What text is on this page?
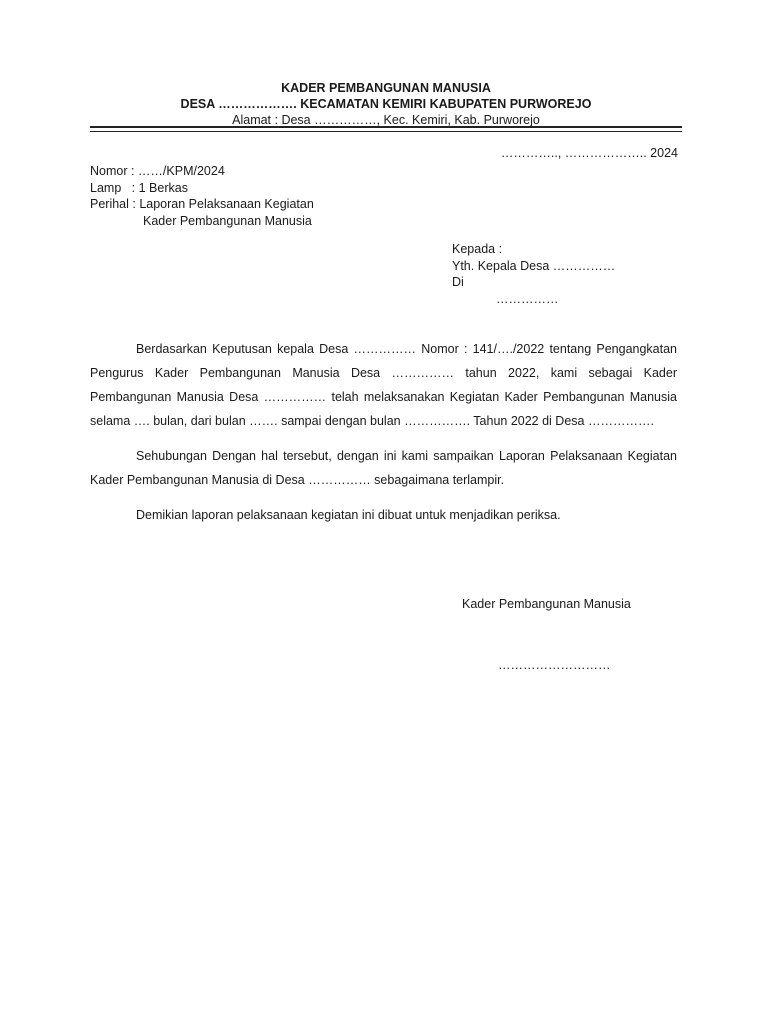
KADER PEMBANGUNAN MANUSIA
DESA ………………. KECAMATAN KEMIRI KABUPATEN PURWOREJO
Alamat : Desa ……………, Kec. Kemiri, Kab. Purworejo
………….., ……………….. 2024
Nomor : ……/KPM/2024
Lamp   : 1 Berkas
Perihal : Laporan Pelaksanaan Kegiatan
Kader Pembangunan Manusia
Kepada :
Yth. Kepala Desa ……………
Di
……………

Berdasarkan Keputusan kepala Desa …………… Nomor : 141/…./2022 tentang Pengangkatan Pengurus Kader Pembangunan Manusia Desa …………… tahun 2022, kami sebagai Kader Pembangunan Manusia Desa …………… telah melaksanakan Kegiatan Kader Pembangunan Manusia selama …. bulan, dari bulan ……. sampai dengan bulan ……………. Tahun 2022 di Desa …………….

Sehubungan Dengan hal tersebut, dengan ini kami sampaikan Laporan Pelaksanaan Kegiatan Kader Pembangunan Manusia di Desa …………… sebagaimana terlampir.

Demikian laporan pelaksanaan kegiatan ini dibuat untuk menjadikan periksa.

Kader Pembangunan Manusia
………………………
